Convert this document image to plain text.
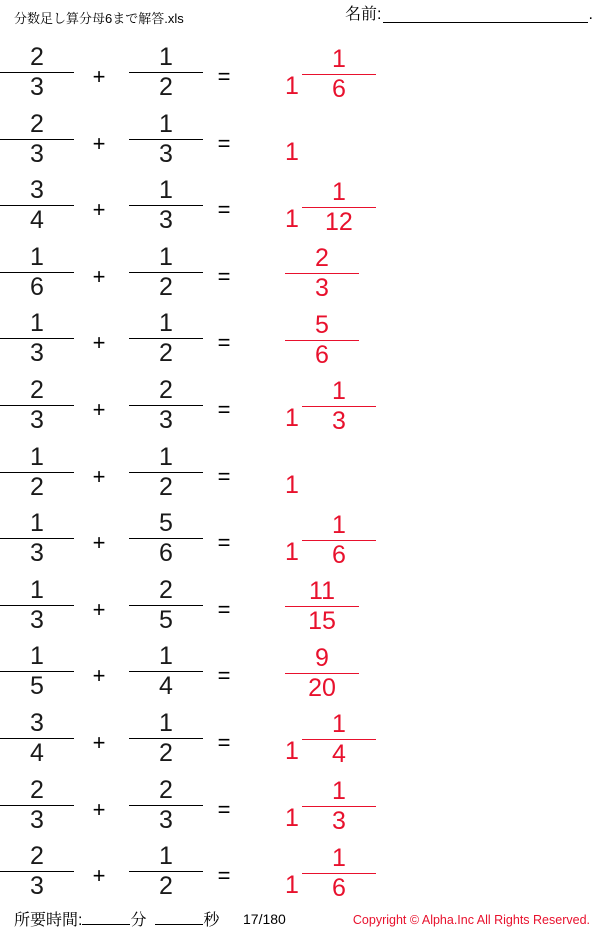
分数足し算分母6まで解答.xls	名前:	.
2
3	+
1
2	=	$1 \frac{1}{6}$
2
3	+
1
3	=	1
3
4	+
1
3	=	$1 \frac{1}{12}$
1
6	+
1
2	=	$\frac{2}{3}$
1
3	+
1
2	=	$\frac{5}{6}$
2
3	+
2
3	=	$1 \frac{1}{3}$
1
2	+
1
2	=	1
1
3	+
5
6	=	$1 \frac{1}{6}$
1
3	+
2
5	=	$\frac{11}{15}$
1
5	+
1
4	=	$\frac{9}{20}$
3
4	+
1
2	=	$1 \frac{1}{4}$
2
3	+
2
3	=	$1 \frac{1}{3}$
2
3	+
1
2	=	$1 \frac{1}{6}$
所要時間:	分	秒 17/180	Copyright © Alpha.Inc All Rights Reserved.
